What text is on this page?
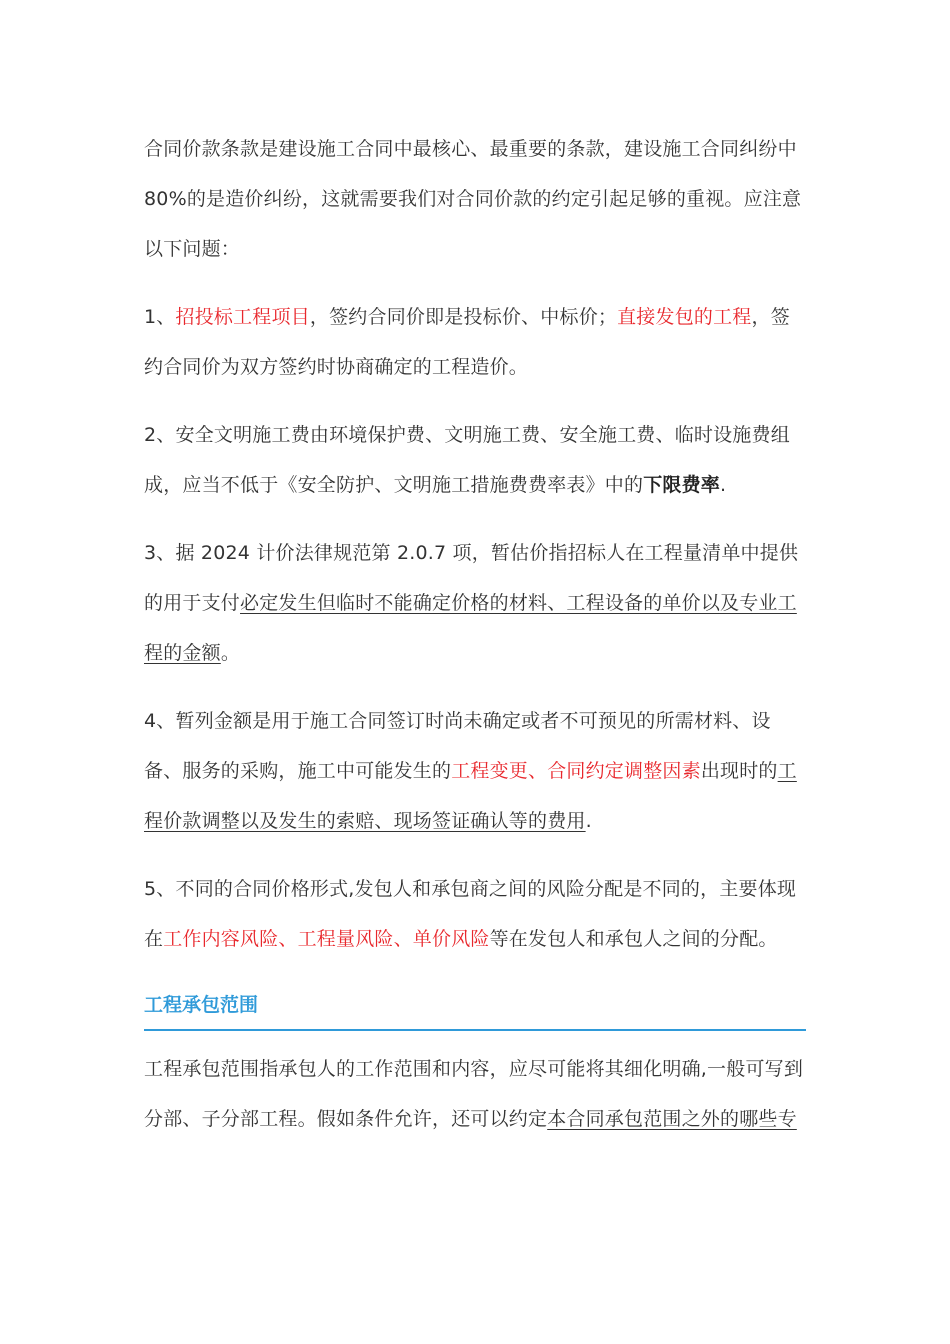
合同价款条款是建设施工合同中最核心、最重要的条款，建设施工合同纠纷中80%的是造价纠纷，这就需要我们对合同价款的约定引起足够的重视。应注意以下问题：

1、招投标工程项目，签约合同价即是投标价、中标价；直接发包的工程，签约合同价为双方签约时协商确定的工程造价。

2、安全文明施工费由环境保护费、文明施工费、安全施工费、临时设施费组成，应当不低于《安全防护、文明施工措施费费率表》中的下限费率.

3、据 2024 计价法律规范第 2.0.7 项，暂估价指招标人在工程量清单中提供的用于支付必定发生但临时不能确定价格的材料、工程设备的单价以及专业工程的金额。

4、暂列金额是用于施工合同签订时尚未确定或者不可预见的所需材料、设备、服务的采购，施工中可能发生的工程变更、合同约定调整因素出现时的工程价款调整以及发生的索赔、现场签证确认等的费用.

5、不同的合同价格形式,发包人和承包商之间的风险分配是不同的，主要体现在工作内容风险、工程量风险、单价风险等在发包人和承包人之间的分配。

工程承包范围
工程承包范围指承包人的工作范围和内容，应尽可能将其细化明确,一般可写到分部、子分部工程。假如条件允许，还可以约定本合同承包范围之外的哪些专
